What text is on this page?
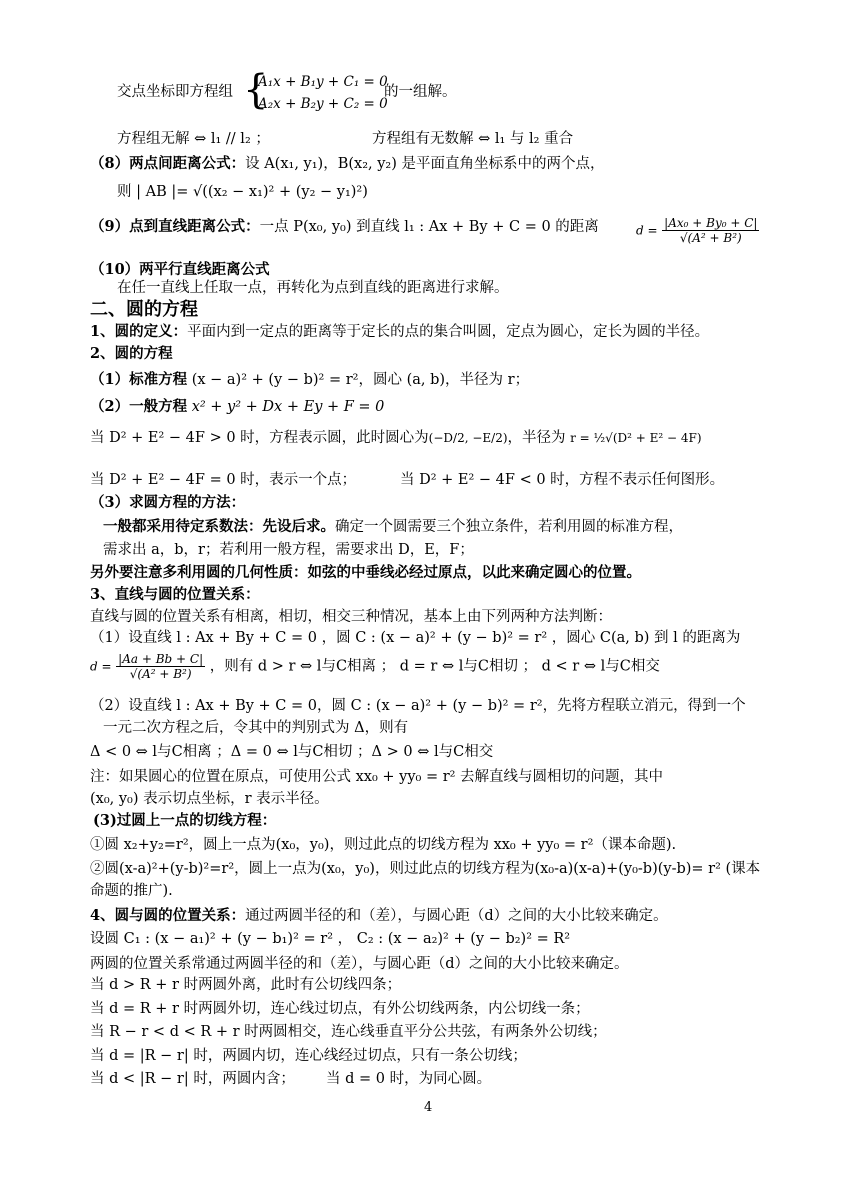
交点坐标即方程组 {
A₁x + B₁y + C₁ = 0
A₂x + B₂y + C₂ = 0
的一组解。
方程组无解 ⇔ l₁ // l₂ ；	方程组有无数解 ⇔ l₁ 与 l₂ 重合
（8）两点间距离公式：设 A(x₁, y₁)，B(x₂, y₂) 是平面直角坐标系中的两个点，
则 | AB |= √((x₂ − x₁)² + (y₂ − y₁)²)
（9）点到直线距离公式：一点 P(x₀, y₀) 到直线 l₁ : Ax + By + C = 0 的距离	$d = \frac{\text{|Ax₀ + By₀ + C|}}{\text{√(A² + B²)}}$
（10）两平行直线距离公式
在任一直线上任取一点，再转化为点到直线的距离进行求解。
二、圆的方程
1、圆的定义：平面内到一定点的距离等于定长的点的集合叫圆，定点为圆心，定长为圆的半径。
2、圆的方程
（1）标准方程 (x − a)² + (y − b)² = r²，圆心 (a, b)，半径为 r；
（2）一般方程 x² + y² + Dx + Ey + F = 0
当 D² + E² − 4F > 0 时，方程表示圆，此时圆心为(−D/2, −E/2)，半径为 r = ½√(D² + E² − 4F)
当 D² + E² − 4F = 0 时，表示一个点；	当 D² + E² − 4F < 0 时，方程不表示任何图形。
（3）求圆方程的方法：
一般都采用待定系数法：先设后求。确定一个圆需要三个独立条件，若利用圆的标准方程，
需求出 a，b，r；若利用一般方程，需要求出 D，E，F；
另外要注意多利用圆的几何性质：如弦的中垂线必经过原点，以此来确定圆心的位置。
3、直线与圆的位置关系：
直线与圆的位置关系有相离，相切，相交三种情况，基本上由下列两种方法判断：
（1）设直线 l : Ax + By + C = 0 ，圆 C : (x − a)² + (y − b)² = r² ，圆心 C(a, b) 到 l 的距离为
$d = \frac{|Aa + Bb + C|}{\text{√(A² + B²)}}$ ，则有 d > r ⇔ l与C相离 ； d = r ⇔ l与C相切 ； d < r ⇔ l与C相交
（2）设直线 l : Ax + By + C = 0，圆 C : (x − a)² + (y − b)² = r²，先将方程联立消元，得到一个
一元二次方程之后，令其中的判别式为 Δ，则有
Δ < 0 ⇔ l与C相离 ；Δ = 0 ⇔ l与C相切 ；Δ > 0 ⇔ l与C相交
注：如果圆心的位置在原点，可使用公式 xx₀ + yy₀ = r² 去解直线与圆相切的问题，其中
(x₀, y₀) 表示切点坐标，r 表示半径。
(3)过圆上一点的切线方程：
①圆 x₂+y₂=r²，圆上一点为(x₀，y₀)，则过此点的切线方程为 xx₀ + yy₀ = r²（课本命题).
②圆(x-a)²+(y-b)²=r²，圆上一点为(x₀，y₀)，则过此点的切线方程为(x₀-a)(x-a)+(y₀-b)(y-b)= r² (课本
命题的推广).
4、圆与圆的位置关系：通过两圆半径的和（差），与圆心距（d）之间的大小比较来确定。
设圆 C₁ : (x − a₁)² + (y − b₁)² = r² ， C₂ : (x − a₂)² + (y − b₂)² = R²
两圆的位置关系常通过两圆半径的和（差），与圆心距（d）之间的大小比较来确定。
当 d > R + r 时两圆外离，此时有公切线四条；
当 d = R + r 时两圆外切，连心线过切点，有外公切线两条，内公切线一条；
当 R − r < d < R + r 时两圆相交，连心线垂直平分公共弦，有两条外公切线；
当 d = |R − r| 时，两圆内切，连心线经过切点，只有一条公切线；
当 d < |R − r| 时，两圆内含； 当 d = 0 时，为同心圆。
4
